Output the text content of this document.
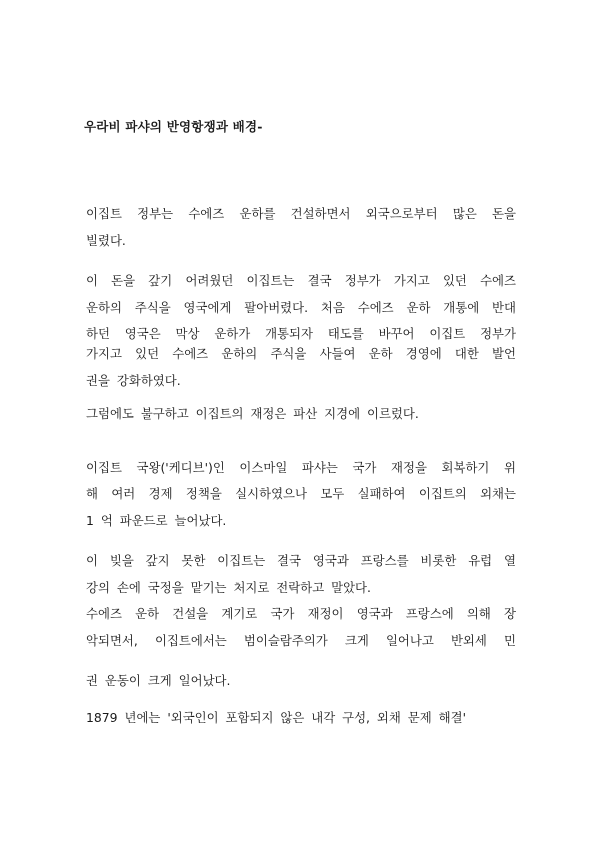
우라비 파샤의 반영항쟁과 배경-
이집트 정부는 수에즈 운하를 건설하면서 외국으로부터 많은 돈을
빌렸다.
이 돈을 갚기 어려웠던 이집트는 결국 정부가 가지고 있던 수에즈
운하의 주식을 영국에게 팔아버렸다. 처음 수에즈 운하 개통에 반대
하던 영국은 막상 운하가 개통되자 태도를 바꾸어 이집트 정부가
가지고 있던 수에즈 운하의 주식을 사들여 운하 경영에 대한 발언
권을 강화하였다.
그럼에도 불구하고 이집트의 재정은 파산 지경에 이르렀다.
이집트 국왕('케디브')인 이스마일 파샤는 국가 재정을 회복하기 위
해 여러 경제 정책을 실시하였으나 모두 실패하여 이집트의 외채는
1 억 파운드로 늘어났다.
이 빚을 갚지 못한 이집트는 결국 영국과 프랑스를 비롯한 유럽 열
강의 손에 국정을 맡기는 처지로 전락하고 말았다.
수에즈 운하 건설을 계기로 국가 재정이 영국과 프랑스에 의해 장
악되면서, 이집트에서는 범이슬람주의가 크게 일어나고 반외세 민
권 운동이 크게 일어났다.
1879 년에는 '외국인이 포함되지 않은 내각 구성, 외채 문제 해결'
